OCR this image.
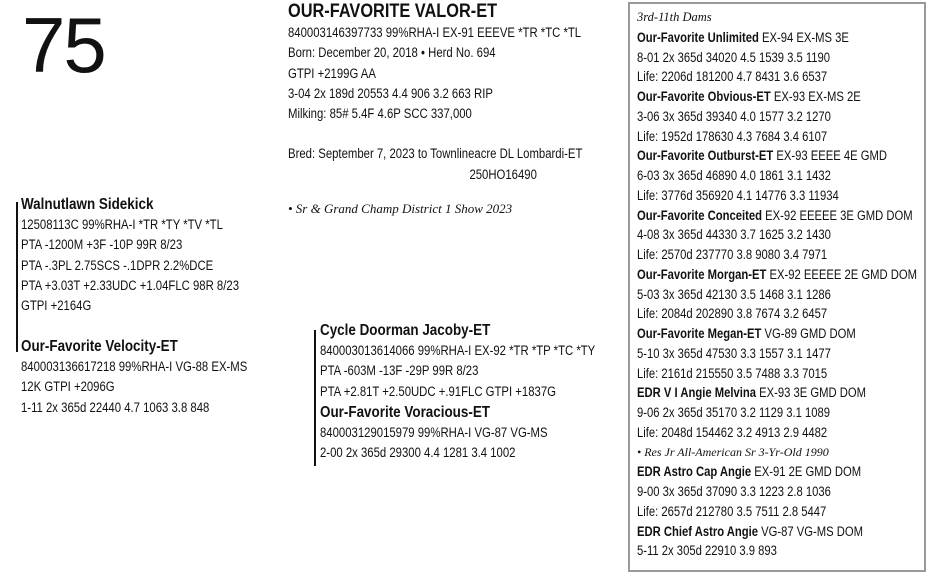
75	OUR-FAVORITE VALOR-ET
840003146397733 99%RHA-I EX-91 EEEVE *TR *TC *TL
Born: December 20, 2018 • Herd No. 694
GTPI +2199G AA
3-04 2x 189d 20553 4.4 906 3.2 663 RIP
Milking: 85# 5.4F 4.6P SCC 337,000
Bred: September 7, 2023 to Townlineacre DL Lombardi-ET
250HO16490
• Sr & Grand Champ District 1 Show 2023
Walnutlawn Sidekick
12508113C 99%RHA-I *TR *TY *TV *TL
PTA -1200M +3F -10P 99R 8/23
PTA -.3PL 2.75SCS -.1DPR 2.2%DCE
PTA +3.03T +2.33UDC +1.04FLC 98R 8/23
GTPI +2164G
Our-Favorite Velocity-ET
840003136617218 99%RHA-I VG-88 EX-MS
12K GTPI +2096G
1-11 2x 365d 22440 4.7 1063 3.8 848
Cycle Doorman Jacoby-ET
840003013614066 99%RHA-I EX-92 *TR *TP *TC *TY
PTA -603M -13F -29P 99R 8/23
PTA +2.81T +2.50UDC +.91FLC GTPI +1837G
Our-Favorite Voracious-ET
840003129015979 99%RHA-I VG-87 VG-MS
2-00 2x 365d 29300 4.4 1281 3.4 1002
3rd-11th Dams
Our-Favorite Unlimited EX-94 EX-MS 3E
8-01 2x 365d 34020 4.5 1539 3.5 1190
Life: 2206d 181200 4.7 8431 3.6 6537
Our-Favorite Obvious-ET EX-93 EX-MS 2E
3-06 3x 365d 39340 4.0 1577 3.2 1270
Life: 1952d 178630 4.3 7684 3.4 6107
Our-Favorite Outburst-ET EX-93 EEEE 4E GMD
6-03 3x 365d 46890 4.0 1861 3.1 1432
Life: 3776d 356920 4.1 14776 3.3 11934
Our-Favorite Conceited EX-92 EEEEE 3E GMD DOM
4-08 3x 365d 44330 3.7 1625 3.2 1430
Life: 2570d 237770 3.8 9080 3.4 7971
Our-Favorite Morgan-ET EX-92 EEEEE 2E GMD DOM
5-03 3x 365d 42130 3.5 1468 3.1 1286
Life: 2084d 202890 3.8 7674 3.2 6457
Our-Favorite Megan-ET VG-89 GMD DOM
5-10 3x 365d 47530 3.3 1557 3.1 1477
Life: 2161d 215550 3.5 7488 3.3 7015
EDR V I Angie Melvina EX-93 3E GMD DOM
9-06 2x 365d 35170 3.2 1129 3.1 1089
Life: 2048d 154462 3.2 4913 2.9 4482
• Res Jr All-American Sr 3-Yr-Old 1990
EDR Astro Cap Angie EX-91 2E GMD DOM
9-00 3x 365d 37090 3.3 1223 2.8 1036
Life: 2657d 212780 3.5 7511 2.8 5447
EDR Chief Astro Angie VG-87 VG-MS DOM
5-11 2x 305d 22910 3.9 893
